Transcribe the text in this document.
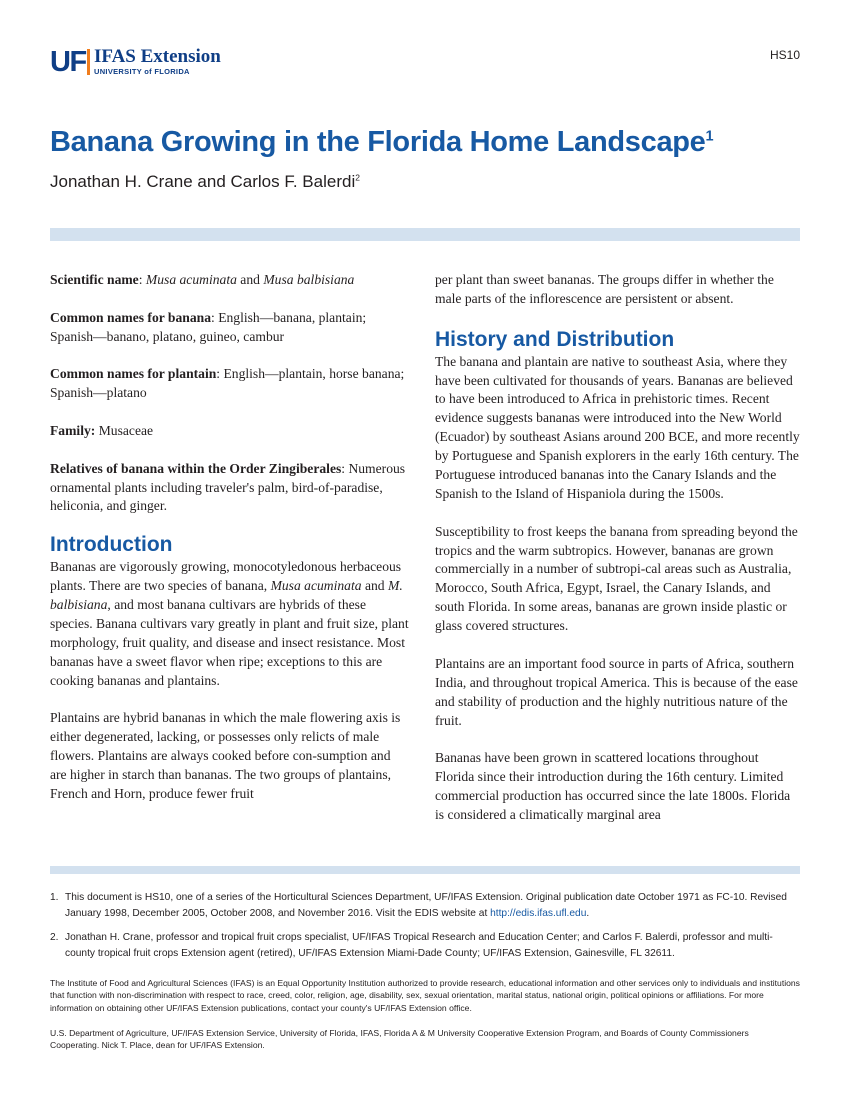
UF IFAS Extension
UNIVERSITY of FLORIDA
HS10
Banana Growing in the Florida Home Landscape$^1$
Jonathan H. Crane and Carlos F. Balerdi$^2$

Scientific name: Musa acuminata and Musa balbisiana

Common names for banana: English—banana, plantain; Spanish—banano, platano, guineo, cambur

Common names for plantain: English—plantain, horse banana; Spanish—platano

Family: Musaceae

Relatives of banana within the Order Zingiberales: Numerous ornamental plants including traveler's palm, bird-of-paradise, heliconia, and ginger.

Introduction

Bananas are vigorously growing, monocotyledonous herbaceous plants. There are two species of banana, Musa acuminata and M. balbisiana, and most banana cultivars are hybrids of these species. Banana cultivars vary greatly in plant and fruit size, plant morphology, fruit quality, and disease and insect resistance. Most bananas have a sweet flavor when ripe; exceptions to this are cooking bananas and plantains.

Plantains are hybrid bananas in which the male flowering axis is either degenerated, lacking, or possesses only relicts of male flowers. Plantains are always cooked before con-sumption and are higher in starch than bananas. The two groups of plantains, French and Horn, produce fewer fruit

per plant than sweet bananas. The groups differ in whether the male parts of the inflorescence are persistent or absent.

History and Distribution

The banana and plantain are native to southeast Asia, where they have been cultivated for thousands of years. Bananas are believed to have been introduced to Africa in prehistoric times. Recent evidence suggests bananas were introduced into the New World (Ecuador) by southeast Asians around 200 BCE, and more recently by Portuguese and Spanish explorers in the early 16th century. The Portuguese introduced bananas into the Canary Islands and the Spanish to the Island of Hispaniola during the 1500s.

Susceptibility to frost keeps the banana from spreading beyond the tropics and the warm subtropics. However, bananas are grown commercially in a number of subtropi-cal areas such as Australia, Morocco, South Africa, Egypt, Israel, the Canary Islands, and south Florida. In some areas, bananas are grown inside plastic or glass covered structures.

Plantains are an important food source in parts of Africa, southern India, and throughout tropical America. This is because of the ease and stability of production and the highly nutritious nature of the fruit.

Bananas have been grown in scattered locations throughout Florida since their introduction during the 16th century. Limited commercial production has occurred since the late 1800s. Florida is considered a climatically marginal area

1. This document is HS10, one of a series of the Horticultural Sciences Department, UF/IFAS Extension. Original publication date October 1971 as FC-10. Revised January 1998, December 2005, October 2008, and November 2016. Visit the EDIS website at http://edis.ifas.ufl.edu.
2. Jonathan H. Crane, professor and tropical fruit crops specialist, UF/IFAS Tropical Research and Education Center; and Carlos F. Balerdi, professor and multi-county tropical fruit crops Extension agent (retired), UF/IFAS Extension Miami-Dade County; UF/IFAS Extension, Gainesville, FL 32611.
The Institute of Food and Agricultural Sciences (IFAS) is an Equal Opportunity Institution authorized to provide research, educational information and other services only to individuals and institutions that function with non-discrimination with respect to race, creed, color, religion, age, disability, sex, sexual orientation, marital status, national origin, political opinions or affiliations. For more information on obtaining other UF/IFAS Extension publications, contact your county's UF/IFAS Extension office.
U.S. Department of Agriculture, UF/IFAS Extension Service, University of Florida, IFAS, Florida A & M University Cooperative Extension Program, and Boards of County Commissioners Cooperating. Nick T. Place, dean for UF/IFAS Extension.
